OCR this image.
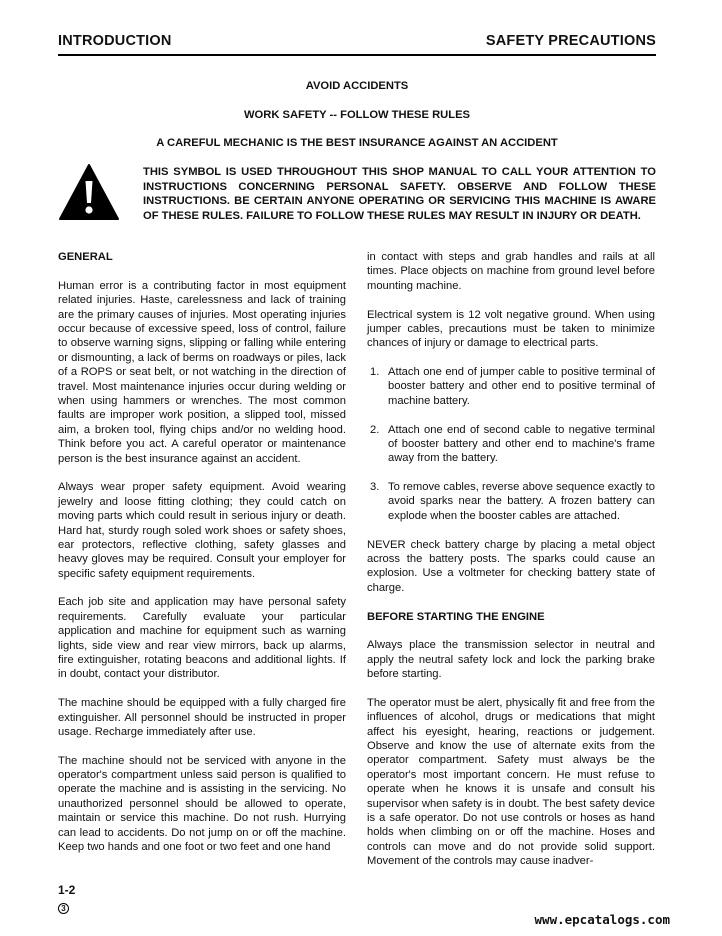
INTRODUCTION	SAFETY PRECAUTIONS
AVOID ACCIDENTS
WORK SAFETY -- FOLLOW THESE RULES
A CAREFUL MECHANIC IS THE BEST INSURANCE AGAINST AN ACCIDENT
THIS SYMBOL IS USED THROUGHOUT THIS SHOP MANUAL TO CALL YOUR ATTENTION TO INSTRUCTIONS CONCERNING PERSONAL SAFETY. OBSERVE AND FOLLOW THESE INSTRUCTIONS. BE CERTAIN ANYONE OPERATING OR SERVICING THIS MACHINE IS AWARE OF THESE RULES. FAILURE TO FOLLOW THESE RULES MAY RESULT IN INJURY OR DEATH.
GENERAL

Human error is a contributing factor in most equipment related injuries. Haste, carelessness and lack of training are the primary causes of injuries. Most operating injuries occur because of excessive speed, loss of control, failure to observe warning signs, slipping or falling while entering or dismounting, a lack of berms on roadways or piles, lack of a ROPS or seat belt, or not watching in the direction of travel. Most maintenance injuries occur during welding or when using hammers or wrenches. The most common faults are improper work position, a slipped tool, missed aim, a broken tool, flying chips and/or no welding hood. Think before you act. A careful operator or maintenance person is the best insurance against an accident.

Always wear proper safety equipment. Avoid wearing jewelry and loose fitting clothing; they could catch on moving parts which could result in serious injury or death. Hard hat, sturdy rough soled work shoes or safety shoes, ear protectors, reflective clothing, safety glasses and heavy gloves may be required. Consult your employer for specific safety equipment requirements.

Each job site and application may have personal safety requirements. Carefully evaluate your particular application and machine for equipment such as warning lights, side view and rear view mirrors, back up alarms, fire extinguisher, rotating beacons and additional lights. If in doubt, contact your distributor.

The machine should be equipped with a fully charged fire extinguisher. All personnel should be instructed in proper usage. Recharge immediately after use.

The machine should not be serviced with anyone in the operator's compartment unless said person is qualified to operate the machine and is assisting in the servicing. No unauthorized personnel should be allowed to operate, maintain or service this machine. Do not rush. Hurrying can lead to accidents. Do not jump on or off the machine. Keep two hands and one foot or two feet and one hand

in contact with steps and grab handles and rails at all times. Place objects on machine from ground level before mounting machine.

Electrical system is 12 volt negative ground. When using jumper cables, precautions must be taken to minimize chances of injury or damage to electrical parts.

1. Attach one end of jumper cable to positive terminal of booster battery and other end to positive terminal of machine battery.
2. Attach one end of second cable to negative terminal of booster battery and other end to machine's frame away from the battery.
3. To remove cables, reverse above sequence exactly to avoid sparks near the battery. A frozen battery can explode when the booster cables are attached.

NEVER check battery charge by placing a metal object across the battery posts. The sparks could cause an explosion. Use a voltmeter for checking battery state of charge.

BEFORE STARTING THE ENGINE

Always place the transmission selector in neutral and apply the neutral safety lock and lock the parking brake before starting.

The operator must be alert, physically fit and free from the influences of alcohol, drugs or medications that might affect his eyesight, hearing, reactions or judgement. Observe and know the use of alternate exits from the operator compartment. Safety must always be the operator's most important concern. He must refuse to operate when he knows it is unsafe and consult his supervisor when safety is in doubt. The best safety device is a safe operator. Do not use controls or hoses as hand holds when climbing on or off the machine. Hoses and controls can move and do not provide solid support. Movement of the controls may cause inadver-

1-2
3
www.epcatalogs.com
